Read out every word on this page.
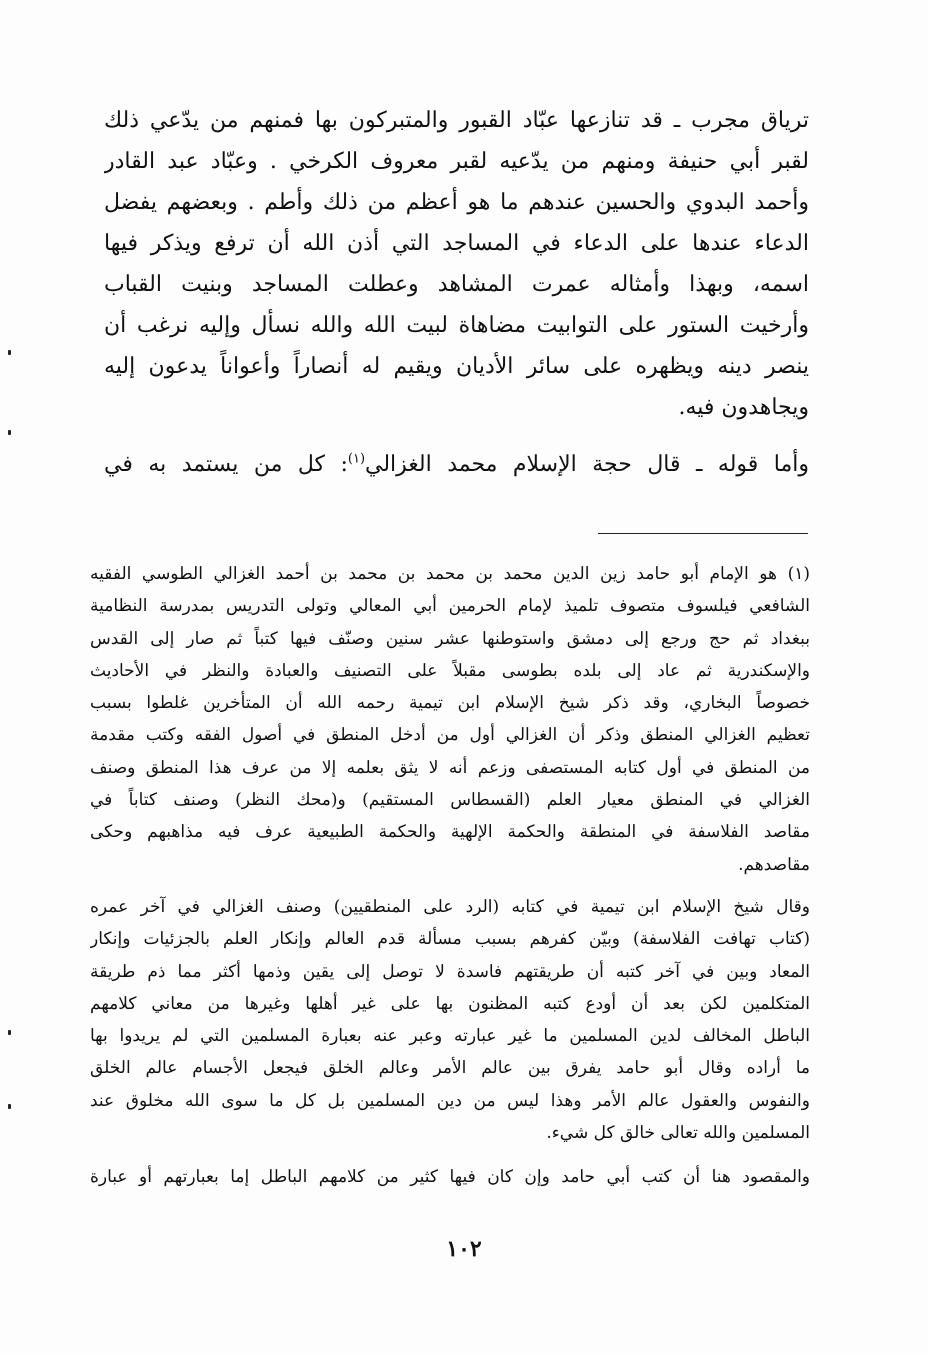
ترياق مجرب ـ قد تنازعها عبّاد القبور والمتبركون بها فمنهم من يدّعي ذلك
لقبر أبي حنيفة ومنهم من يدّعيه لقبر معروف الكرخي . وعبّاد عبد القادر
وأحمد البدوي والحسين عندهم ما هو أعظم من ذلك وأطم . وبعضهم يفضل
الدعاء عندها على الدعاء في المساجد التي أذن الله أن ترفع ويذكر فيها
اسمه، وبهذا وأمثاله عمرت المشاهد وعطلت المساجد وبنيت القباب
وأرخيت الستور على التوابيت مضاهاة لبيت الله والله نسأل وإليه نرغب أن
ينصر دينه ويظهره على سائر الأديان ويقيم له أنصاراً وأعواناً يدعون إليه
ويجاهدون فيه.
وأما قوله ـ قال حجة الإسلام محمد الغزالي$^{(١)}$: كل من يستمد به في
(١) هو الإمام أبو حامد زين الدين محمد بن محمد بن محمد بن أحمد الغزالي الطوسي الفقيه
الشافعي فيلسوف متصوف تلميذ لإمام الحرمين أبي المعالي وتولى التدريس بمدرسة النظامية
ببغداد ثم حج ورجع إلى دمشق واستوطنها عشر سنين وصنّف فيها كتباً ثم صار إلى القدس
والإسكندرية ثم عاد إلى بلده بطوسى مقبلاً على التصنيف والعبادة والنظر في الأحاديث
خصوصاً البخاري، وقد ذكر شيخ الإسلام ابن تيمية رحمه الله أن المتأخرين غلطوا بسبب
تعظيم الغزالي المنطق وذكر أن الغزالي أول من أدخل المنطق في أصول الفقه وكتب مقدمة
من المنطق في أول كتابه المستصفى وزعم أنه لا يثق بعلمه إلا من عرف هذا المنطق وصنف
الغزالي في المنطق معيار العلم (القسطاس المستقيم) و(محك النظر) وصنف كتاباً في
مقاصد الفلاسفة في المنطقة والحكمة الإلهية والحكمة الطبيعية عرف فيه مذاهبهم وحكى
مقاصدهم.
وقال شيخ الإسلام ابن تيمية في كتابه (الرد على المنطقيين) وصنف الغزالي في آخر عمره
(كتاب تهافت الفلاسفة) وبيّن كفرهم بسبب مسألة قدم العالم وإنكار العلم بالجزئيات وإنكار
المعاد وبين في آخر كتبه أن طريقتهم فاسدة لا توصل إلى يقين وذمها أكثر مما ذم طريقة
المتكلمين لكن بعد أن أودع كتبه المظنون بها على غير أهلها وغيرها من معاني كلامهم
الباطل المخالف لدين المسلمين ما غير عبارته وعبر عنه بعبارة المسلمين التي لم يريدوا بها
ما أراده وقال أبو حامد يفرق بين عالم الأمر وعالم الخلق فيجعل الأجسام عالم الخلق
والنفوس والعقول عالم الأمر وهذا ليس من دين المسلمين بل كل ما سوى الله مخلوق عند
المسلمين والله تعالى خالق كل شيء.
والمقصود هنا أن كتب أبي حامد وإن كان فيها كثير من كلامهم الباطل إما بعبارتهم أو عبارة
١٠٢
